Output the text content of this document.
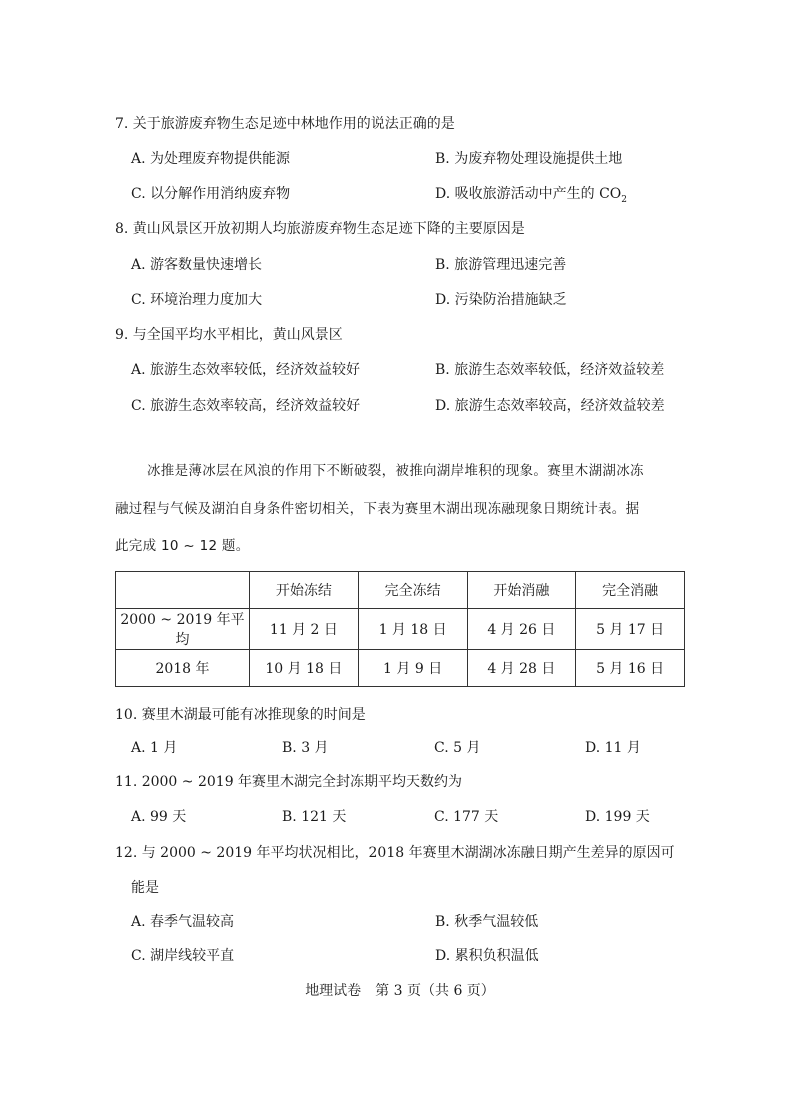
7. 关于旅游废弃物生态足迹中林地作用的说法正确的是
A. 为处理废弃物提供能源	B. 为废弃物处理设施提供土地
C. 以分解作用消纳废弃物	D. 吸收旅游活动中产生的 $CO_2$
8. 黄山风景区开放初期人均旅游废弃物生态足迹下降的主要原因是
A. 游客数量快速增长	B. 旅游管理迅速完善
C. 环境治理力度加大	D. 污染防治措施缺乏
9. 与全国平均水平相比，黄山风景区
A. 旅游生态效率较低，经济效益较好	B. 旅游生态效率较低，经济效益较差
C. 旅游生态效率较高，经济效益较好	D. 旅游生态效率较高，经济效益较差
冰推是薄冰层在风浪的作用下不断破裂，被推向湖岸堆积的现象。赛里木湖湖冰冻
融过程与气候及湖泊自身条件密切相关，下表为赛里木湖出现冻融现象日期统计表。据
此完成 10 ~ 12 题。
	开始冻结	完全冻结	开始消融	完全消融
2000 ~ 2019 年平均	11 月 2 日	1 月 18 日	4 月 26 日	5 月 17 日
2018 年	10 月 18 日	1 月 9 日	4 月 28 日	5 月 16 日
10. 赛里木湖最可能有冰推现象的时间是
A. 1 月	B. 3 月	C. 5 月	D. 11 月
11. 2000 ~ 2019 年赛里木湖完全封冻期平均天数约为
A. 99 天	B. 121 天	C. 177 天	D. 199 天
12. 与 2000 ~ 2019 年平均状况相比，2018 年赛里木湖湖冰冻融日期产生差异的原因可
能是
A. 春季气温较高	B. 秋季气温较低
C. 湖岸线较平直	D. 累积负积温低
地理试卷　第 3 页（共 6 页）
